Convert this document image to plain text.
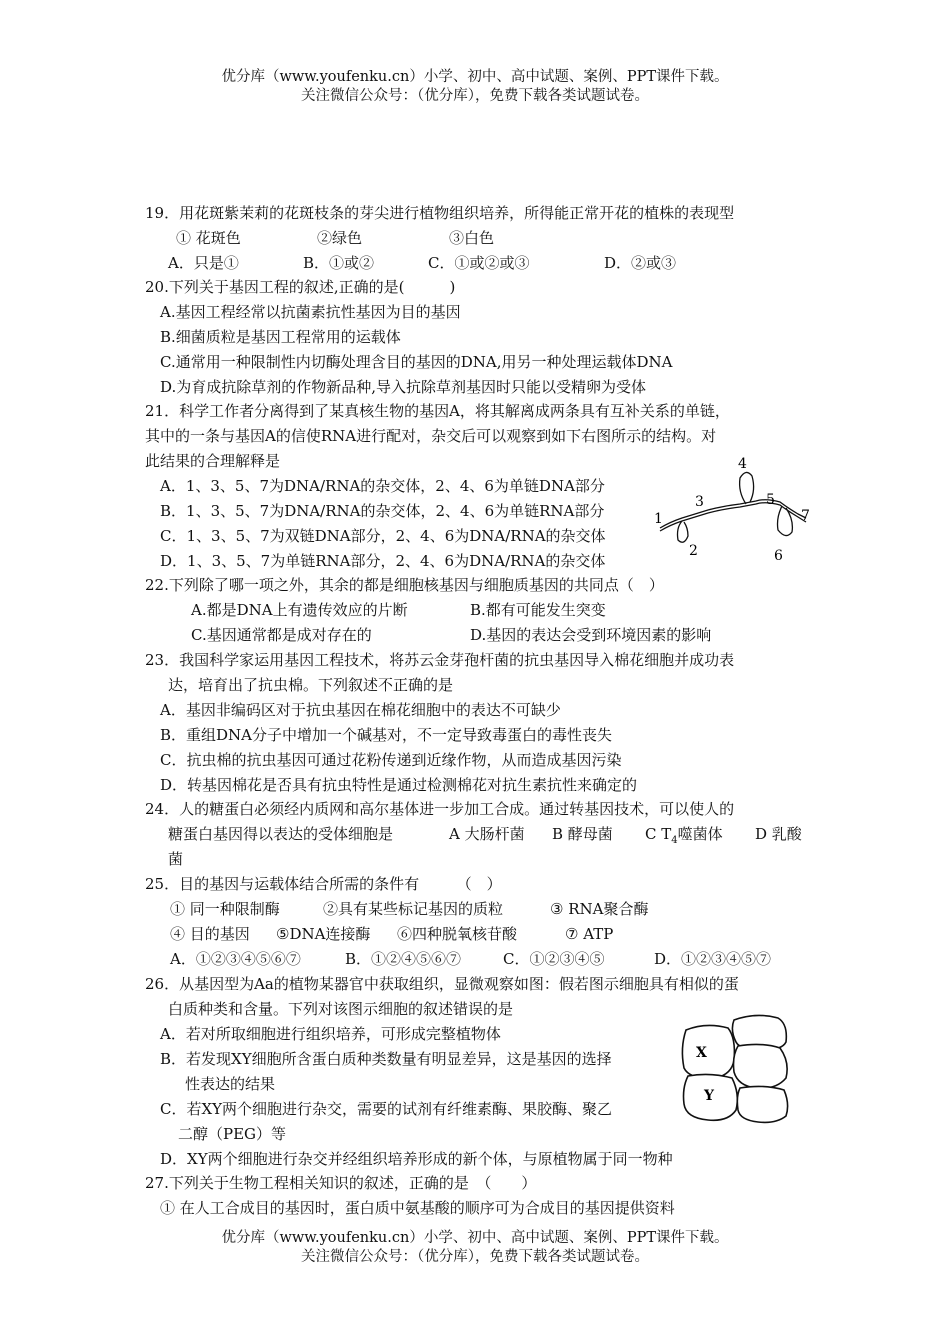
优分库（www.youfenku.cn）小学、初中、高中试题、案例、PPT课件下载。
关注微信公众号：（优分库），免费下载各类试题试卷。
19．用花斑紫茉莉的花斑枝条的芽尖进行植物组织培养，所得能正常开花的植株的表现型
① 花斑色	②绿色	③白色
A．只是①	B．①或②	C．①或②或③	D．②或③
20.下列关于基因工程的叙述,正确的是(　　　)
A.基因工程经常以抗菌素抗性基因为目的基因
B.细菌质粒是基因工程常用的运载体
C.通常用一种限制性内切酶处理含目的基因的DNA,用另一种处理运载体DNA
D.为育成抗除草剂的作物新品种,导入抗除草剂基因时只能以受精卵为受体
21．科学工作者分离得到了某真核生物的基因A，将其解离成两条具有互补关系的单链，
其中的一条与基因A的信使RNA进行配对，杂交后可以观察到如下右图所示的结构。对
此结果的合理解释是
A．1、3、5、7为DNA/RNA的杂交体，2、4、6为单链DNA部分
B．1、3、5、7为DNA/RNA的杂交体，2、4、6为单链RNA部分
C．1、3、5、7为双链DNA部分，2、4、6为DNA/RNA的杂交体
D．1、3、5、7为单链RNA部分，2、4、6为DNA/RNA的杂交体
1
2
3
4
5
6
7
22.下列除了哪一项之外，其余的都是细胞核基因与细胞质基因的共同点（　）
A.都是DNA上有遗传效应的片断	B.都有可能发生突变
C.基因通常都是成对存在的	D.基因的表达会受到环境因素的影响
23．我国科学家运用基因工程技术，将苏云金芽孢杆菌的抗虫基因导入棉花细胞并成功表
达，培育出了抗虫棉。下列叙述不正确的是
A．基因非编码区对于抗虫基因在棉花细胞中的表达不可缺少
B．重组DNA分子中增加一个碱基对，不一定导致毒蛋白的毒性丧失
C．抗虫棉的抗虫基因可通过花粉传递到近缘作物，从而造成基因污染
D．转基因棉花是否具有抗虫特性是通过检测棉花对抗生素抗性来确定的
24．人的糖蛋白必须经内质网和高尔基体进一步加工合成。通过转基因技术，可以使人的
糖蛋白基因得以表达的受体细胞是	A 大肠杆菌 B 酵母菌 C $T_4$噬菌体 D 乳酸
菌
25．目的基因与运载体结合所需的条件有　　　（　）
① 同一种限制酶	②具有某些标记基因的质粒	③ RNA聚合酶
④ 目的基因 ⑤DNA连接酶 ⑥四种脱氧核苷酸	⑦ ATP
A．①②③④⑤⑥⑦	B．①②④⑤⑥⑦	C．①②③④⑤	D．①②③④⑤⑦
26．从基因型为Aa的植物某器官中获取组织，显微观察如图：假若图示细胞具有相似的蛋
白质种类和含量。下列对该图示细胞的叙述错误的是
A．若对所取细胞进行组织培养，可形成完整植物体
B．若发现XY细胞所含蛋白质种类数量有明显差异，这是基因的选择
性表达的结果
C．若XY两个细胞进行杂交，需要的试剂有纤维素酶、果胶酶、聚乙
二醇（PEG）等
D．XY两个细胞进行杂交并经组织培养形成的新个体，与原植物属于同一物种
X
Y
27.下列关于生物工程相关知识的叙述，正确的是　（　　）
① 在人工合成目的基因时，蛋白质中氨基酸的顺序可为合成目的基因提供资料
优分库（www.youfenku.cn）小学、初中、高中试题、案例、PPT课件下载。
关注微信公众号：（优分库），免费下载各类试题试卷。
